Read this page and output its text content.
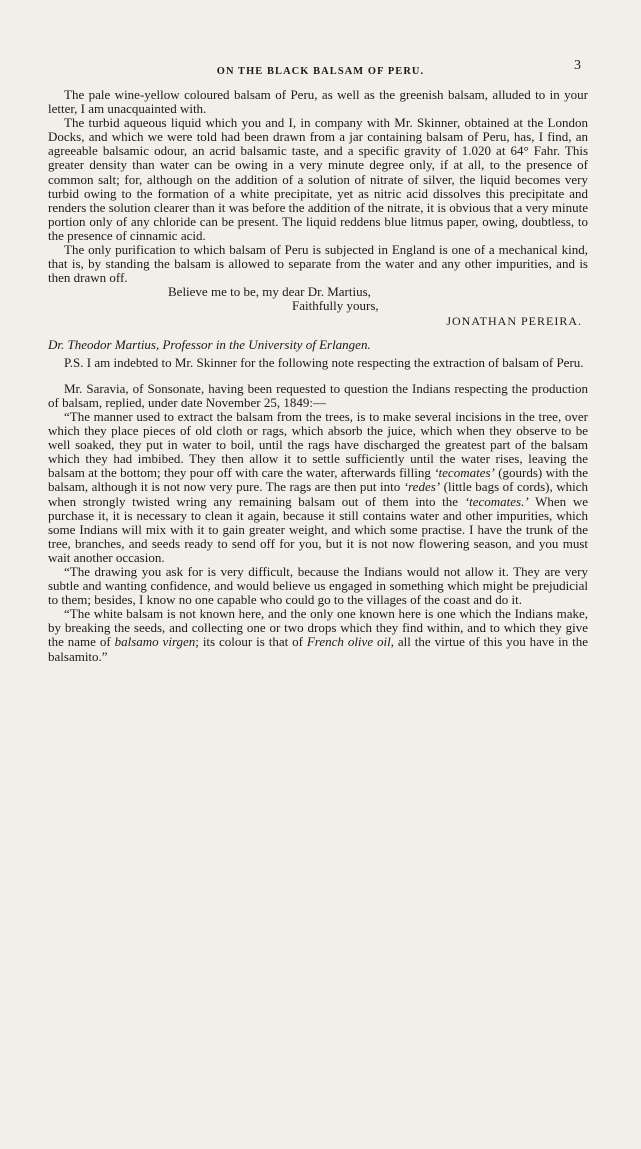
ON THE BLACK BALSAM OF PERU.	3

The pale wine-yellow coloured balsam of Peru, as well as the greenish balsam, alluded to in your letter, I am unacquainted with.

The turbid aqueous liquid which you and I, in company with Mr. Skinner, obtained at the London Docks, and which we were told had been drawn from a jar containing balsam of Peru, has, I find, an agreeable balsamic odour, an acrid balsamic taste, and a specific gravity of 1.020 at 64° Fahr. This greater density than water can be owing in a very minute degree only, if at all, to the presence of common salt; for, although on the addition of a solution of nitrate of silver, the liquid becomes very turbid owing to the formation of a white precipitate, yet as nitric acid dissolves this precipitate and renders the solution clearer than it was before the addition of the nitrate, it is obvious that a very minute portion only of any chloride can be present. The liquid reddens blue litmus paper, owing, doubtless, to the presence of cinnamic acid.

The only purification to which balsam of Peru is subjected in England is one of a mechanical kind, that is, by standing the balsam is allowed to separate from the water and any other impurities, and is then drawn off.

Believe me to be, my dear Dr. Martius,

Faithfully yours,

JONATHAN PEREIRA.

Dr. Theodor Martius, Professor in the University of Erlangen.

P.S. I am indebted to Mr. Skinner for the following note respecting the extraction of balsam of Peru.

Mr. Saravia, of Sonsonate, having been requested to question the Indians respecting the production of balsam, replied, under date November 25, 1849:—

“The manner used to extract the balsam from the trees, is to make several incisions in the tree, over which they place pieces of old cloth or rags, which absorb the juice, which when they observe to be well soaked, they put in water to boil, until the rags have discharged the greatest part of the balsam which they had imbibed. They then allow it to settle sufficiently until the water rises, leaving the balsam at the bottom; they pour off with care the water, afterwards filling ‘tecomates’ (gourds) with the balsam, although it is not now very pure. The rags are then put into ‘redes’ (little bags of cords), which when strongly twisted wring any remaining balsam out of them into the ‘tecomates.’ When we purchase it, it is necessary to clean it again, because it still contains water and other impurities, which some Indians will mix with it to gain greater weight, and which some practise. I have the trunk of the tree, branches, and seeds ready to send off for you, but it is not now flowering season, and you must wait another occasion.

“The drawing you ask for is very difficult, because the Indians would not allow it. They are very subtle and wanting confidence, and would believe us engaged in something which might be prejudicial to them; besides, I know no one capable who could go to the villages of the coast and do it.

“The white balsam is not known here, and the only one known here is one which the Indians make, by breaking the seeds, and collecting one or two drops which they find within, and to which they give the name of balsamo virgen; its colour is that of French olive oil, all the virtue of this you have in the balsamito.”
